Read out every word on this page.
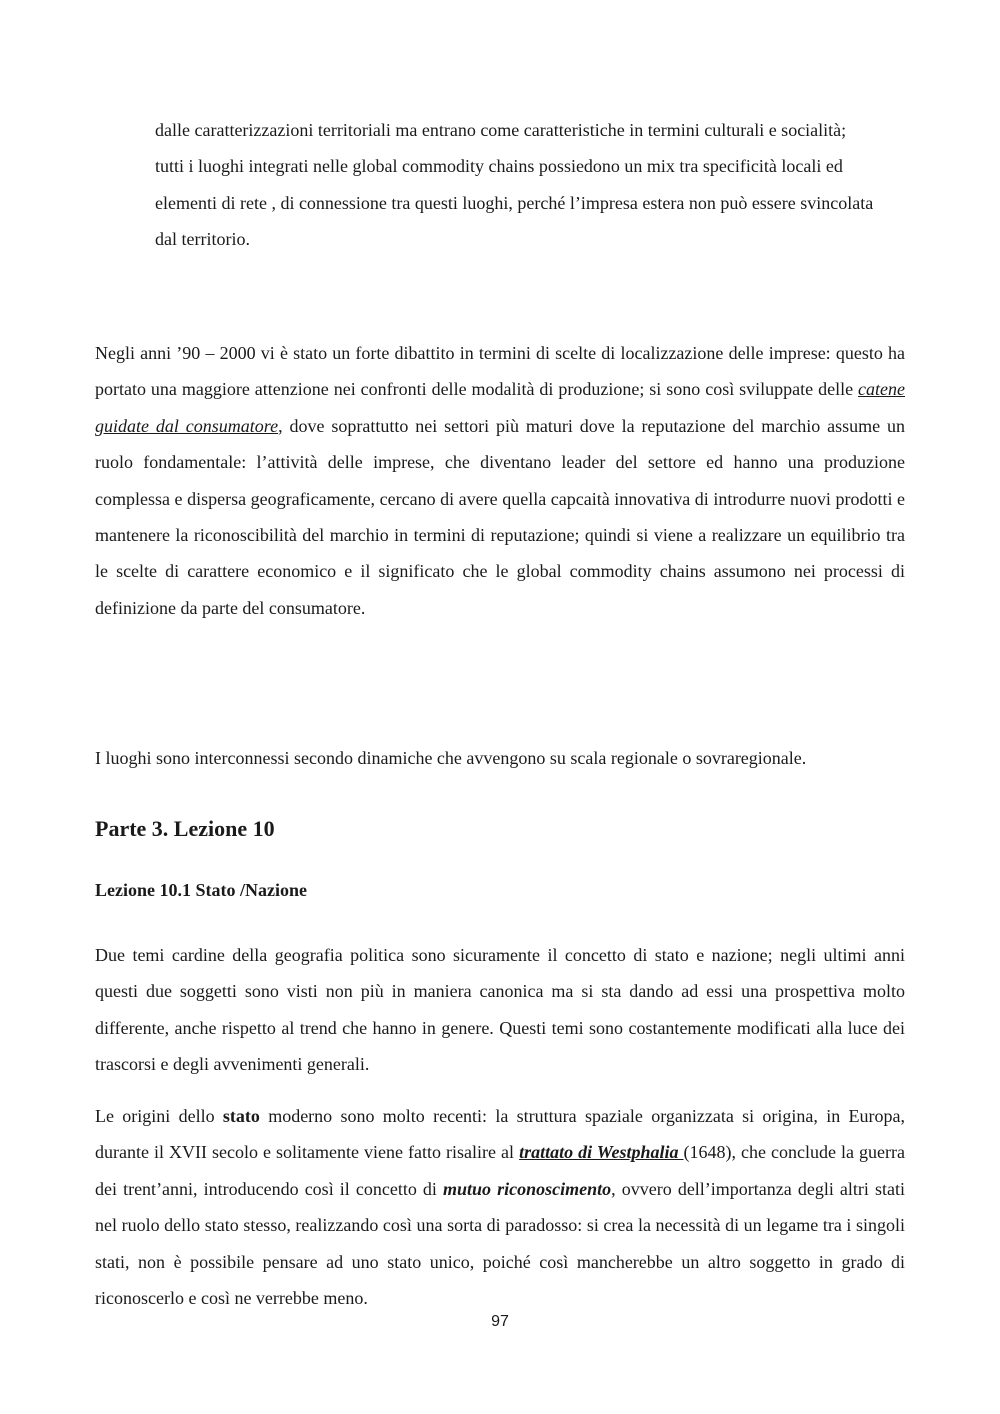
dalle caratterizzazioni territoriali ma entrano come caratteristiche in termini culturali e socialità; tutti i luoghi integrati nelle global commodity chains possiedono un mix tra specificità locali ed elementi di rete , di connessione tra questi luoghi, perché l’impresa estera non può essere svincolata dal territorio.

Negli anni ’90 – 2000 vi è stato un forte dibattito in termini di scelte di localizzazione delle imprese: questo ha portato una maggiore attenzione nei confronti delle modalità di produzione; si sono così sviluppate delle catene guidate dal consumatore, dove soprattutto nei settori più maturi dove la reputazione del marchio assume un ruolo fondamentale: l’attività delle imprese, che diventano leader del settore ed hanno una produzione complessa e dispersa geograficamente, cercano di avere quella capcaità innovativa di introdurre nuovi prodotti e mantenere la riconoscibilità del marchio in termini di reputazione; quindi si viene a realizzare un equilibrio tra le scelte di carattere economico e il significato che le global commodity chains assumono nei processi di definizione da parte del consumatore.

I luoghi sono interconnessi secondo dinamiche che avvengono su scala regionale o sovraregionale.

Parte 3. Lezione 10
Lezione 10.1 Stato /Nazione

Due temi cardine della geografia politica sono sicuramente il concetto di stato e nazione; negli ultimi anni questi due soggetti sono visti non più in maniera canonica ma si sta dando ad essi una prospettiva molto differente, anche rispetto al trend che hanno in genere. Questi temi sono costantemente modificati alla luce dei trascorsi e degli avvenimenti generali.

Le origini dello stato moderno sono molto recenti: la struttura spaziale organizzata si origina, in Europa, durante il XVII secolo e solitamente viene fatto risalire al trattato di Westphalia (1648), che conclude la guerra dei trent’anni, introducendo così il concetto di mutuo riconoscimento, ovvero dell’importanza degli altri stati nel ruolo dello stato stesso, realizzando così una sorta di paradosso: si crea la necessità di un legame tra i singoli stati, non è possibile pensare ad uno stato unico, poiché così mancherebbe un altro soggetto in grado di riconoscerlo e così ne verrebbe meno.

97
